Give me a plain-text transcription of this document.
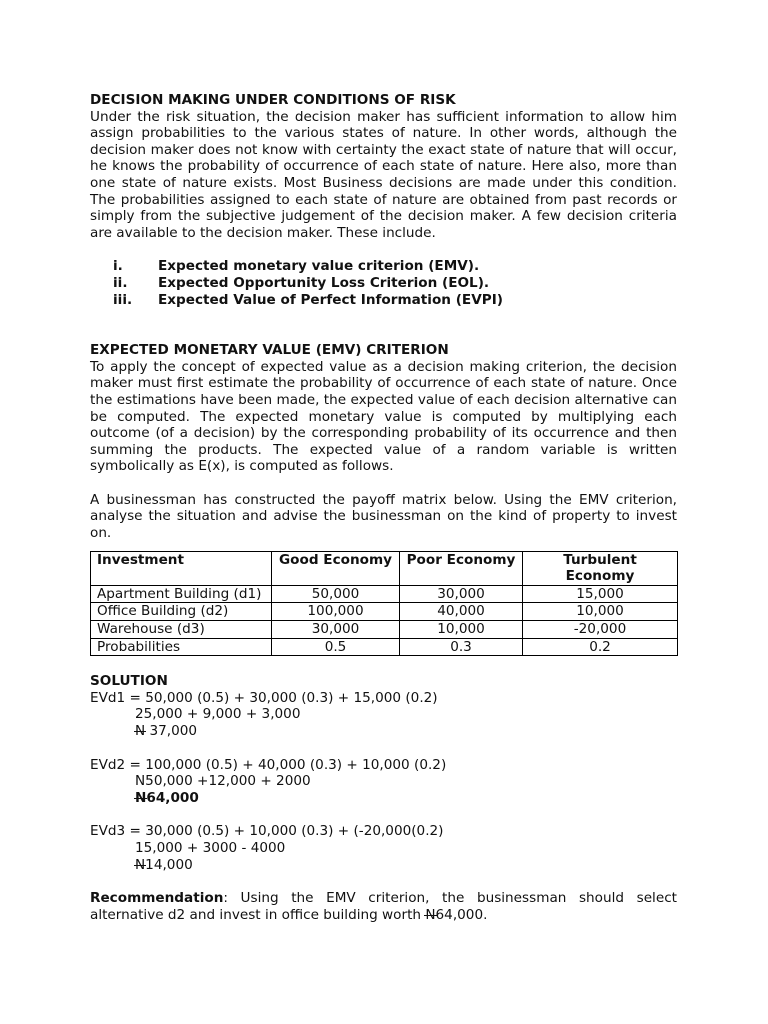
DECISION MAKING UNDER CONDITIONS OF RISK

Under the risk situation, the decision maker has sufficient information to allow him assign probabilities to the various states of nature. In other words, although the decision maker does not know with certainty the exact state of nature that will occur, he knows the probability of occurrence of each state of nature. Here also, more than one state of nature exists. Most Business decisions are made under this condition. The probabilities assigned to each state of nature are obtained from past records or simply from the subjective judgement of the decision maker. A few decision criteria are available to the decision maker. These include.

i.	Expected monetary value criterion (EMV).
ii.	Expected Opportunity Loss Criterion (EOL).
iii.	Expected Value of Perfect Information (EVPI)
EXPECTED MONETARY VALUE (EMV) CRITERION

To apply the concept of expected value as a decision making criterion, the decision maker must first estimate the probability of occurrence of each state of nature. Once the estimations have been made, the expected value of each decision alternative can be computed. The expected monetary value is computed by multiplying each outcome (of a decision) by the corresponding probability of its occurrence and then summing the products. The expected value of a random variable is written symbolically as E(x), is computed as follows.

A businessman has constructed the payoff matrix below. Using the EMV criterion, analyse the situation and advise the businessman on the kind of property to invest on.

Investment	Good Economy	Poor Economy	Turbulent Economy
Apartment Building (d1)	50,000	30,000	15,000
Office Building (d2)	100,000	40,000	10,000
Warehouse (d3)	30,000	10,000	-20,000
Probabilities	0.5	0.3	0.2
SOLUTION
EVd1 = 50,000 (0.5) + 30,000 (0.3) + 15,000 (0.2)
25,000 + 9,000 + 3,000
N 37,000
EVd2 = 100,000 (0.5) + 40,000 (0.3) + 10,000 (0.2)
N50,000 +12,000 + 2000
N64,000
EVd3 = 30,000 (0.5) + 10,000 (0.3) + (-20,000(0.2)
15,000 + 3000 - 4000
N14,000

Recommendation: Using the EMV criterion, the businessman should select alternative d2 and invest in office building worth N64,000.
